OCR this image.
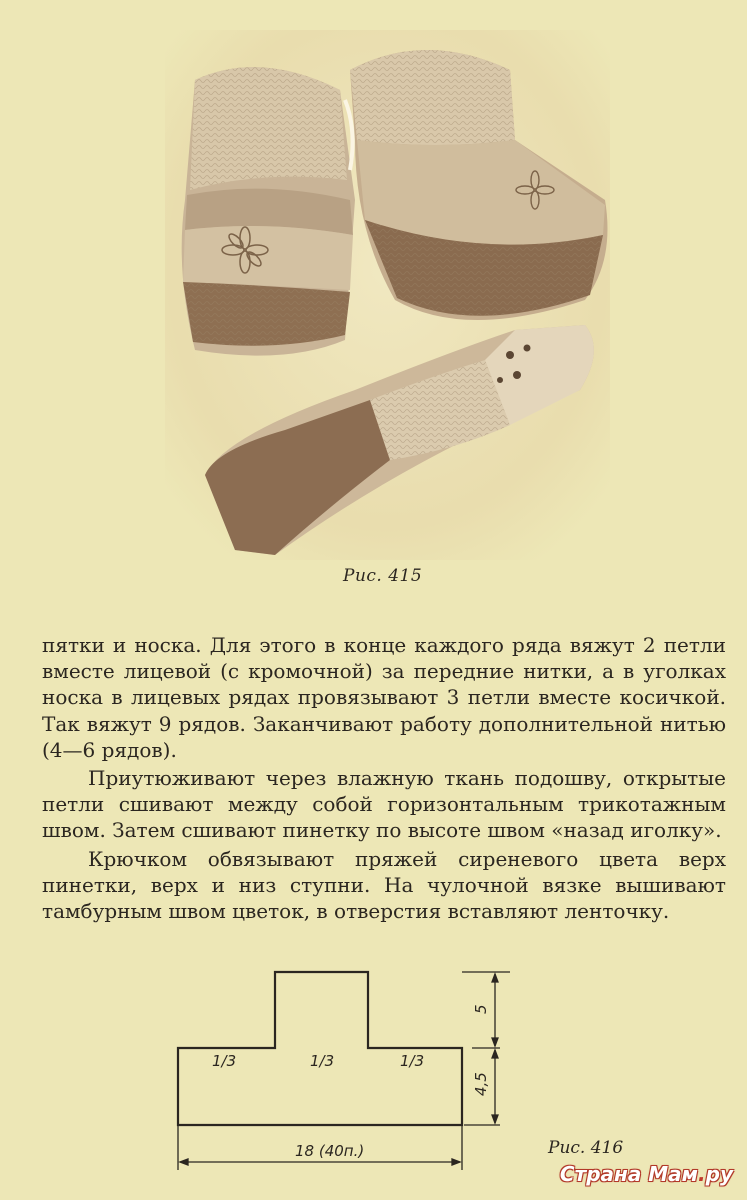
Рис. 415

пятки и носка. Для этого в конце каждого ряда вяжут 2 петли вместе лицевой (с кромочной) за передние нитки, а в уголках носка в лицевых рядах провязывают 3 петли вместе косичкой. Так вяжут 9 рядов. Заканчивают работу дополнительной нитью (4—6 рядов).

Приутюживают через влажную ткань подошву, открытые петли сшивают между собой горизонтальным трикотажным швом. Затем сшивают пинетку по высоте швом «назад иголку».

Крючком обвязывают пряжей сиреневого цвета верх пинетки, верх и низ ступни. На чулочной вязке вышивают тамбурным швом цветок, в отверстия вставляют ленточку.

1/3	1/3	1/3
18 (40п.)
5
4,5
Рис. 416
Страна Мам.ру
